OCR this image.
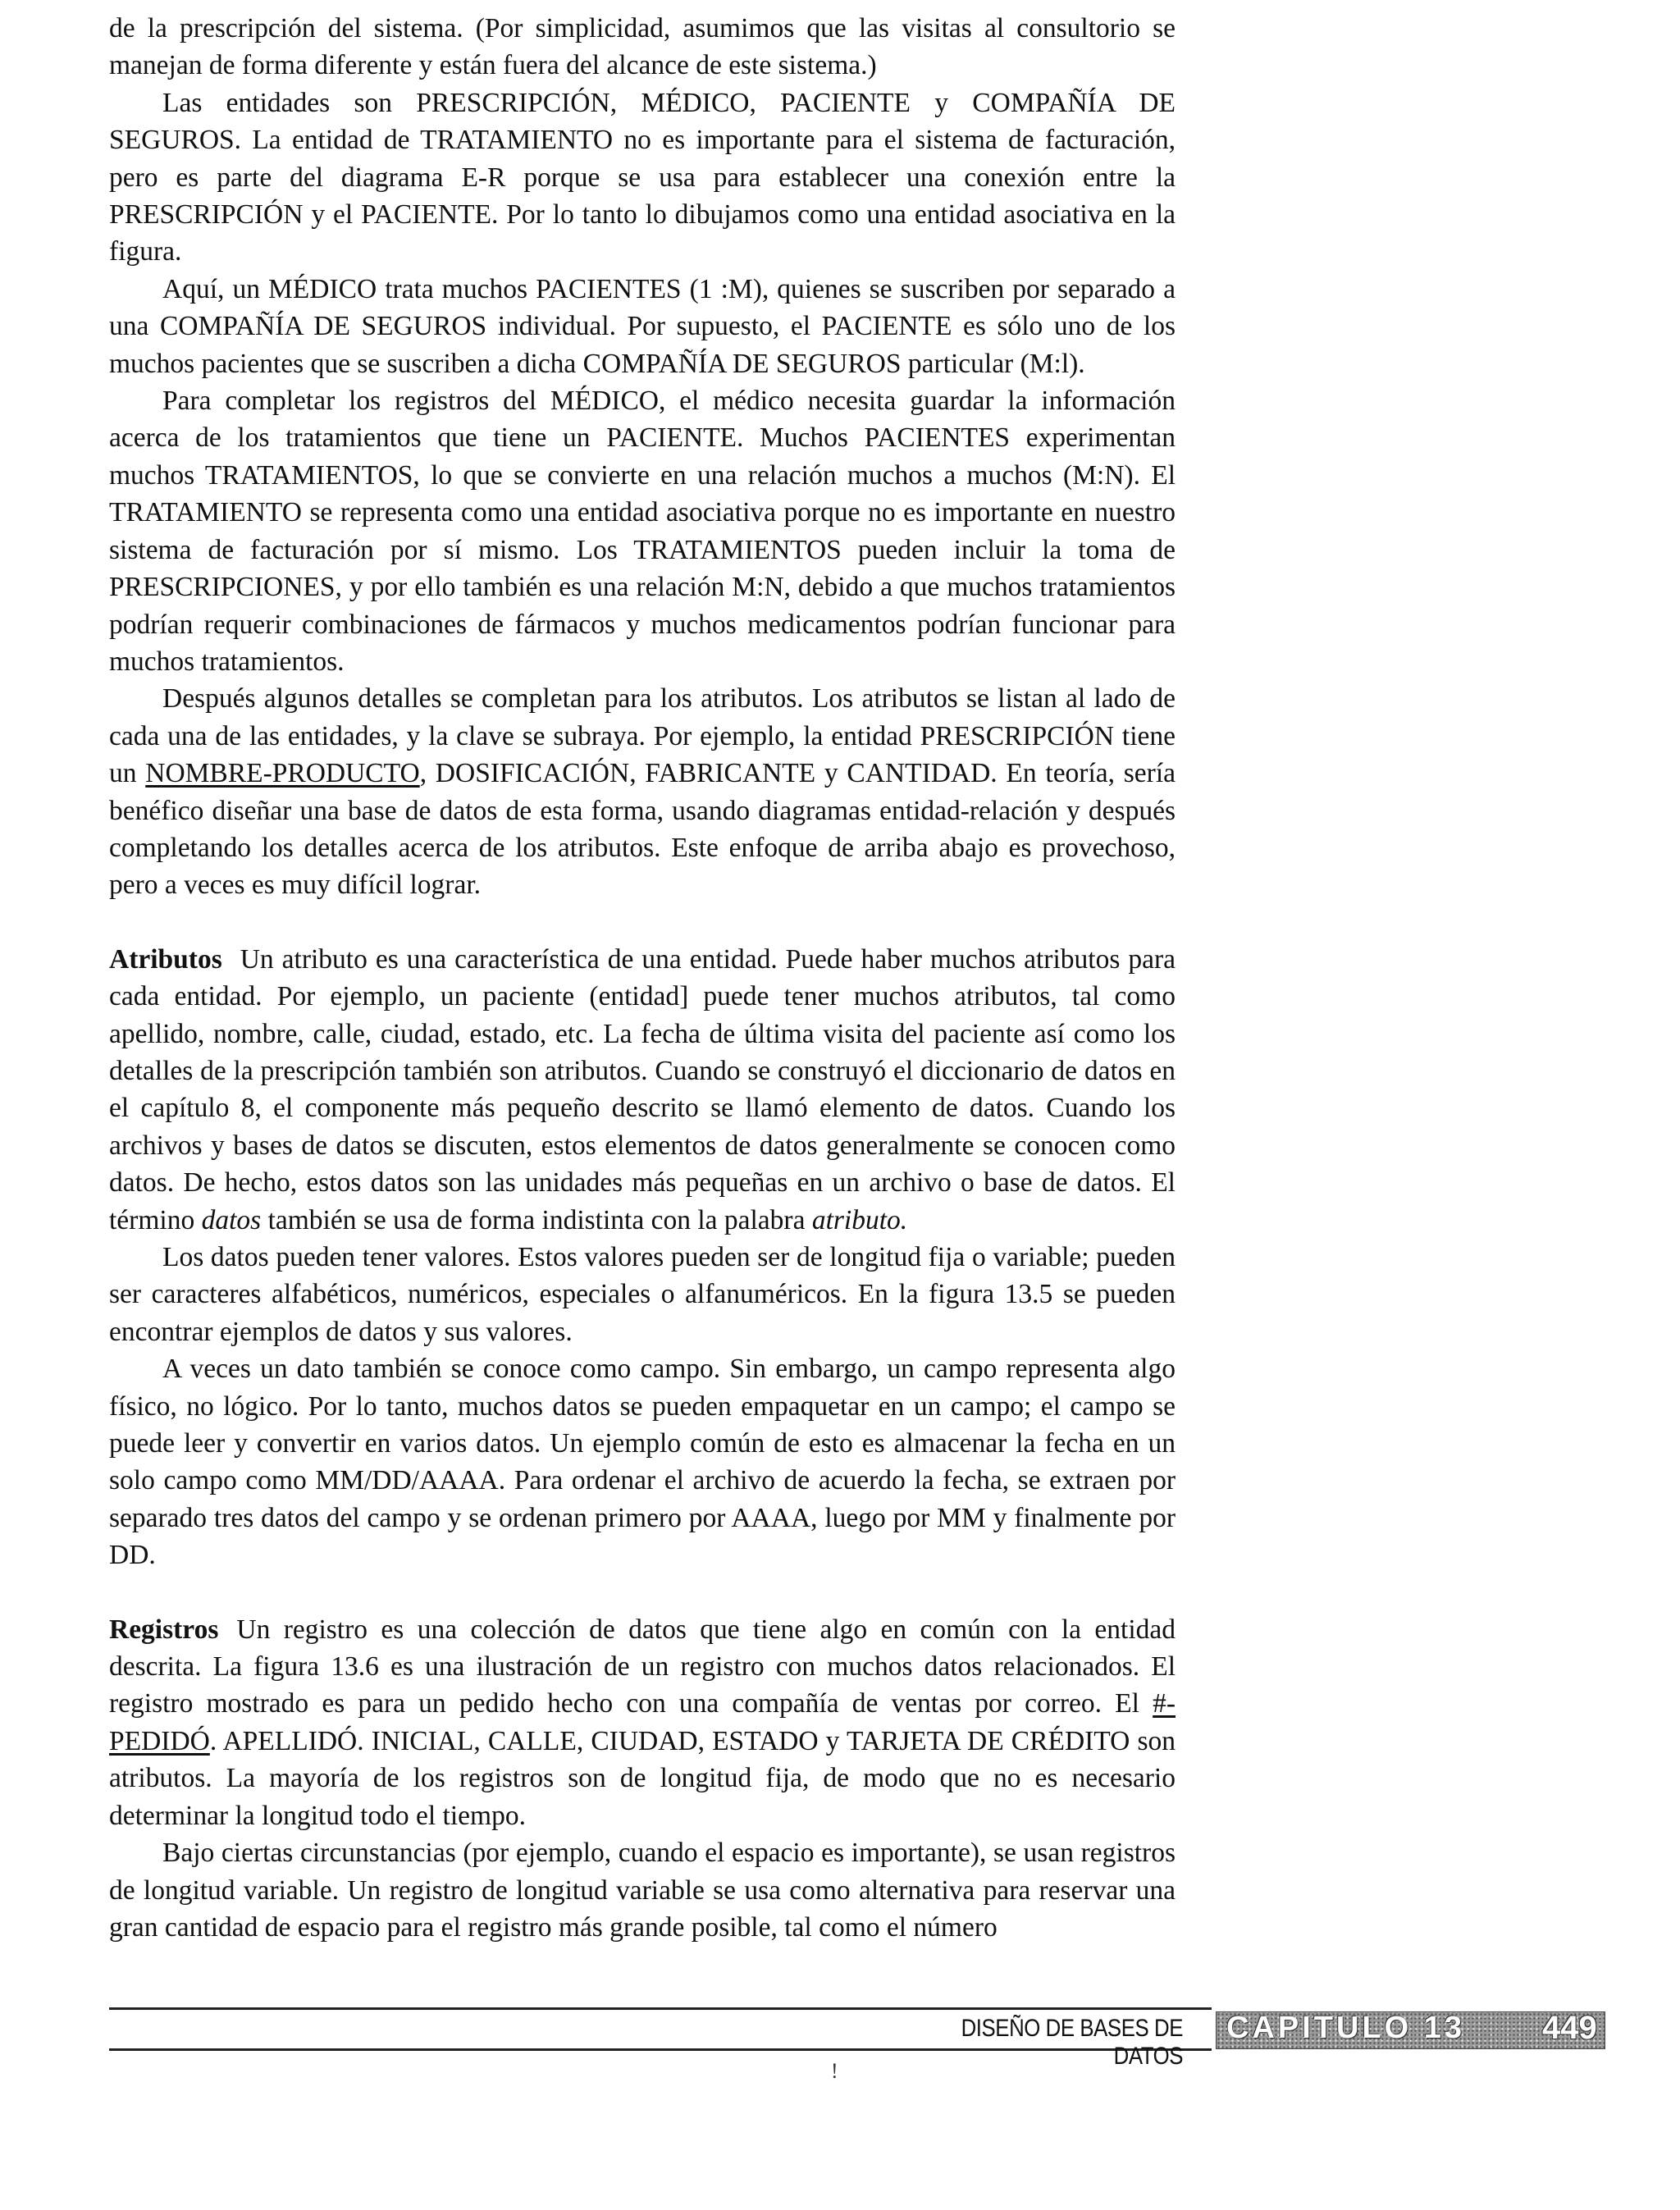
de la prescripción del sistema. (Por simplicidad, asumimos que las visitas al consultorio se manejan de forma diferente y están fuera del alcance de este sistema.)

Las entidades son PRESCRIPCIÓN, MÉDICO, PACIENTE y COMPAÑÍA DE SEGUROS. La entidad de TRATAMIENTO no es importante para el sistema de facturación, pero es parte del diagrama E-R porque se usa para establecer una conexión entre la PRESCRIPCIÓN y el PACIENTE. Por lo tanto lo dibujamos como una entidad asociativa en la figura.

Aquí, un MÉDICO trata muchos PACIENTES (1 :M), quienes se suscriben por separado a una COMPAÑÍA DE SEGUROS individual. Por supuesto, el PACIENTE es sólo uno de los muchos pacientes que se suscriben a dicha COMPAÑÍA DE SEGUROS particular (M:l).

Para completar los registros del MÉDICO, el médico necesita guardar la información acerca de los tratamientos que tiene un PACIENTE. Muchos PACIENTES experimentan muchos TRATAMIENTOS, lo que se convierte en una relación muchos a muchos (M:N). El TRATAMIENTO se representa como una entidad asociativa porque no es importante en nuestro sistema de facturación por sí mismo. Los TRATAMIENTOS pueden incluir la toma de PRESCRIPCIONES, y por ello también es una relación M:N, debido a que muchos tratamientos podrían requerir combinaciones de fármacos y muchos medicamentos podrían funcionar para muchos tratamientos.

Después algunos detalles se completan para los atributos. Los atributos se listan al lado de cada una de las entidades, y la clave se subraya. Por ejemplo, la entidad PRESCRIPCIÓN tiene un NOMBRE-PRODUCTO, DOSIFICACIÓN, FABRICANTE y CANTIDAD. En teoría, sería benéfico diseñar una base de datos de esta forma, usando diagramas entidad-relación y después completando los detalles acerca de los atributos. Este enfoque de arriba abajo es provechoso, pero a veces es muy difícil lograr.

Atributos Un atributo es una característica de una entidad. Puede haber muchos atributos para cada entidad. Por ejemplo, un paciente (entidad] puede tener muchos atributos, tal como apellido, nombre, calle, ciudad, estado, etc. La fecha de última visita del paciente así como los detalles de la prescripción también son atributos. Cuando se construyó el diccionario de datos en el capítulo 8, el componente más pequeño descrito se llamó elemento de datos. Cuando los archivos y bases de datos se discuten, estos elementos de datos generalmente se conocen como datos. De hecho, estos datos son las unidades más pequeñas en un archivo o base de datos. El término datos también se usa de forma indistinta con la palabra atributo.

Los datos pueden tener valores. Estos valores pueden ser de longitud fija o variable; pueden ser caracteres alfabéticos, numéricos, especiales o alfanuméricos. En la figura 13.5 se pueden encontrar ejemplos de datos y sus valores.

A veces un dato también se conoce como campo. Sin embargo, un campo representa algo físico, no lógico. Por lo tanto, muchos datos se pueden empaquetar en un campo; el campo se puede leer y convertir en varios datos. Un ejemplo común de esto es almacenar la fecha en un solo campo como MM/DD/AAAA. Para ordenar el archivo de acuerdo la fecha, se extraen por separado tres datos del campo y se ordenan primero por AAAA, luego por MM y finalmente por DD.

Registros Un registro es una colección de datos que tiene algo en común con la entidad descrita. La figura 13.6 es una ilustración de un registro con muchos datos relacionados. El registro mostrado es para un pedido hecho con una compañía de ventas por correo. El #-PEDIDÓ. APELLIDÓ. INICIAL, CALLE, CIUDAD, ESTADO y TARJETA DE CRÉDITO son atributos. La mayoría de los registros son de longitud fija, de modo que no es necesario determinar la longitud todo el tiempo.

Bajo ciertas circunstancias (por ejemplo, cuando el espacio es importante), se usan registros de longitud variable. Un registro de longitud variable se usa como alternativa para reservar una gran cantidad de espacio para el registro más grande posible, tal como el número

DISEÑO DE BASES DE DATOS
CAPITULO 13 449
!
